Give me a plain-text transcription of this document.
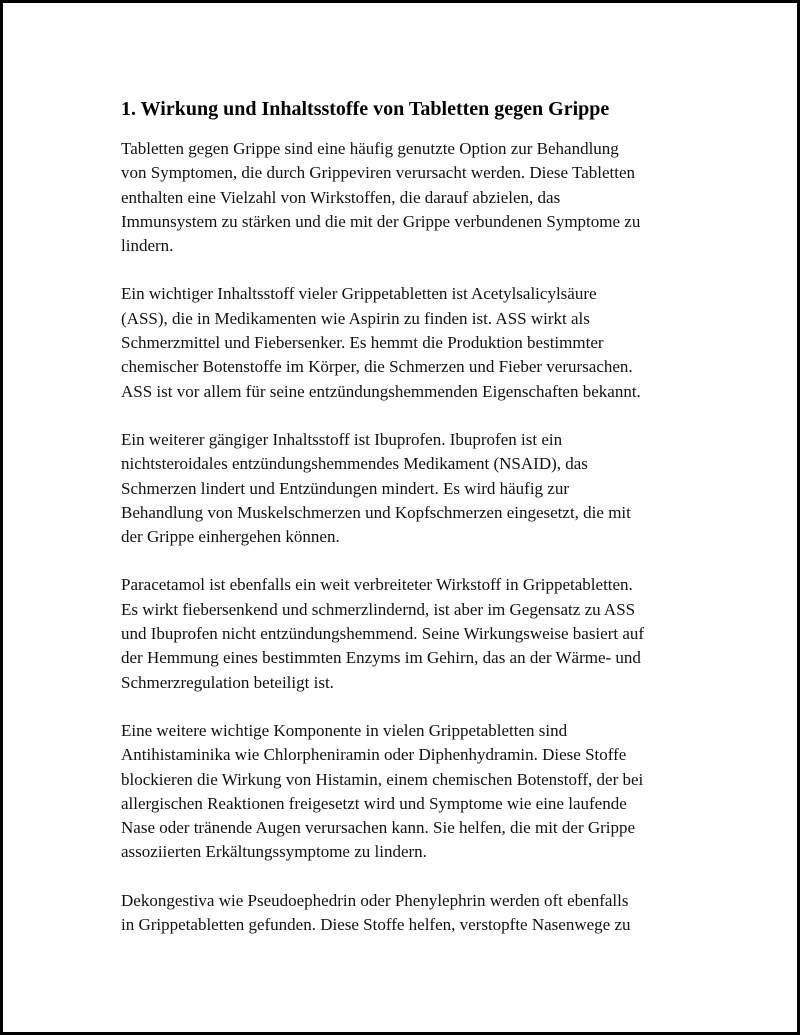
1. Wirkung und Inhaltsstoffe von Tabletten gegen Grippe

Tabletten gegen Grippe sind eine häufig genutzte Option zur Behandlung
von Symptomen, die durch Grippeviren verursacht werden. Diese Tabletten
enthalten eine Vielzahl von Wirkstoffen, die darauf abzielen, das
Immunsystem zu stärken und die mit der Grippe verbundenen Symptome zu
lindern.

Ein wichtiger Inhaltsstoff vieler Grippetabletten ist Acetylsalicylsäure
(ASS), die in Medikamenten wie Aspirin zu finden ist. ASS wirkt als
Schmerzmittel und Fiebersenker. Es hemmt die Produktion bestimmter
chemischer Botenstoffe im Körper, die Schmerzen und Fieber verursachen.
ASS ist vor allem für seine entzündungshemmenden Eigenschaften bekannt.

Ein weiterer gängiger Inhaltsstoff ist Ibuprofen. Ibuprofen ist ein
nichtsteroidales entzündungshemmendes Medikament (NSAID), das
Schmerzen lindert und Entzündungen mindert. Es wird häufig zur
Behandlung von Muskelschmerzen und Kopfschmerzen eingesetzt, die mit
der Grippe einhergehen können.

Paracetamol ist ebenfalls ein weit verbreiteter Wirkstoff in Grippetabletten.
Es wirkt fiebersenkend und schmerzlindernd, ist aber im Gegensatz zu ASS
und Ibuprofen nicht entzündungshemmend. Seine Wirkungsweise basiert auf
der Hemmung eines bestimmten Enzyms im Gehirn, das an der Wärme- und
Schmerzregulation beteiligt ist.

Eine weitere wichtige Komponente in vielen Grippetabletten sind
Antihistaminika wie Chlorpheniramin oder Diphenhydramin. Diese Stoffe
blockieren die Wirkung von Histamin, einem chemischen Botenstoff, der bei
allergischen Reaktionen freigesetzt wird und Symptome wie eine laufende
Nase oder tränende Augen verursachen kann. Sie helfen, die mit der Grippe
assoziierten Erkältungssymptome zu lindern.

Dekongestiva wie Pseudoephedrin oder Phenylephrin werden oft ebenfalls
in Grippetabletten gefunden. Diese Stoffe helfen, verstopfte Nasenwege zu
